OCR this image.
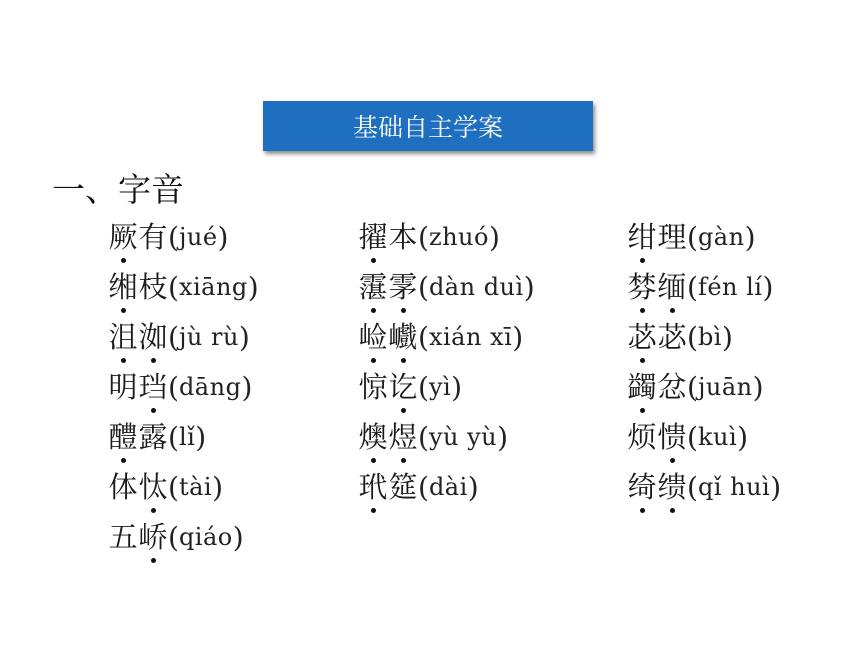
基础自主学案
一、字音
厥 有 ( jué )
缃 枝 ( xiāng )
沮 洳 ( jù rù )
明 珰 ( dāng )
醴 露 ( lǐ )
体 忲 ( tài )
五 峤 ( qiáo )
擢 本 ( zhuó )
霮 雺 ( dàn duì )
崄 巇 ( xián xī )
惊 讫 ( yì )
燠 煜 ( yù yù )
玳 筵 ( dài )
绀 理 ( gàn )
棼 缅 ( fén lí )
苾 苾 ( bì )
蠲 忿 ( juān )
烦 愦 ( kuì )
绮 缋 ( qǐ huì )
